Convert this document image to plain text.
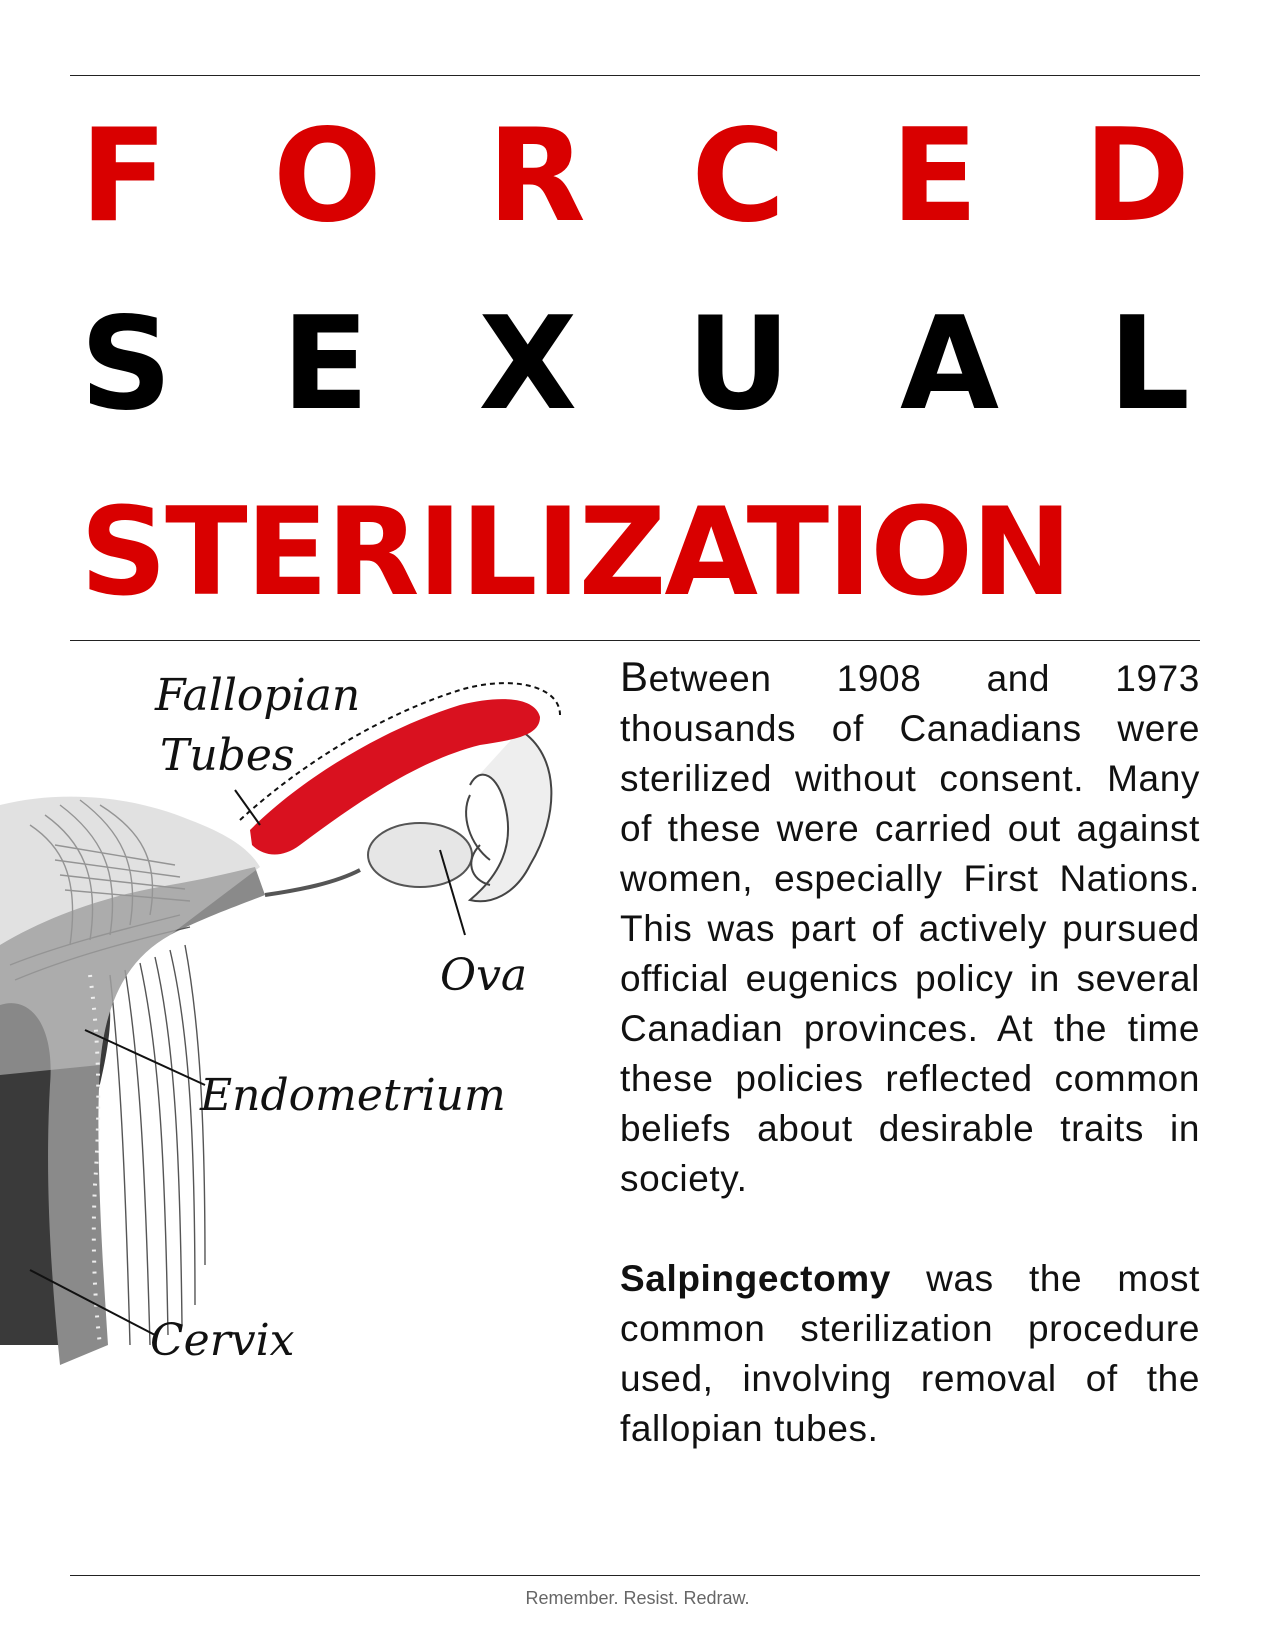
F O R C E D
S E X U A L
STERILIZATION
Fallopian
Tubes
Ova
Endometrium
Cervix

Between 1908 and 1973 thousands of Canadians were sterilized without consent. Many of these were carried out against women, especially First Nations. This was part of actively pursued official eugenics policy in several Canadian provinces. At the time these policies reflected common beliefs about desirable traits in society.

Salpingectomy was the most common sterilization procedure used, involving removal of the fallopian tubes.

Remember. Resist. Redraw.
